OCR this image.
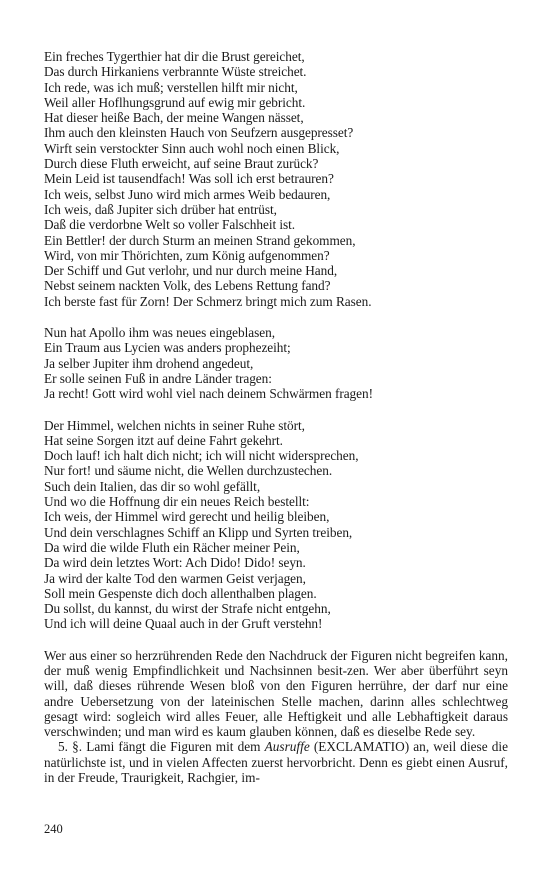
Ein freches Tygerthier hat dir die Brust gereichet,
Das durch Hirkaniens verbrannte Wüste streichet.
Ich rede, was ich muß; verstellen hilft mir nicht,
Weil aller Hoflhungsgrund auf ewig mir gebricht.
Hat dieser heiße Bach, der meine Wangen nässet,
Ihm auch den kleinsten Hauch von Seufzern ausgepresset?
Wirft sein verstockter Sinn auch wohl noch einen Blick,
Durch diese Fluth erweicht, auf seine Braut zurück?
Mein Leid ist tausendfach! Was soll ich erst betrauren?
Ich weis, selbst Juno wird mich armes Weib bedauren,
Ich weis, daß Jupiter sich drüber hat entrüst,
Daß die verdorbne Welt so voller Falschheit ist.
Ein Bettler! der durch Sturm an meinen Strand gekommen,
Wird, von mir Thörichten, zum König aufgenommen?
Der Schiff und Gut verlohr, und nur durch meine Hand,
Nebst seinem nackten Volk, des Lebens Rettung fand?
Ich berste fast für Zorn! Der Schmerz bringt mich zum Rasen.
Nun hat Apollo ihm was neues eingeblasen,
Ein Traum aus Lycien was anders prophezeiht;
Ja selber Jupiter ihm drohend angedeut,
Er solle seinen Fuß in andre Länder tragen:
Ja recht! Gott wird wohl viel nach deinem Schwärmen fragen!
Der Himmel, welchen nichts in seiner Ruhe stört,
Hat seine Sorgen itzt auf deine Fahrt gekehrt.
Doch lauf! ich halt dich nicht; ich will nicht widersprechen,
Nur fort! und säume nicht, die Wellen durchzustechen.
Such dein Italien, das dir so wohl gefällt,
Und wo die Hoffnung dir ein neues Reich bestellt:
Ich weis, der Himmel wird gerecht und heilig bleiben,
Und dein verschlagnes Schiff an Klipp und Syrten treiben,
Da wird die wilde Fluth ein Rächer meiner Pein,
Da wird dein letztes Wort: Ach Dido! Dido! seyn.
Ja wird der kalte Tod den warmen Geist verjagen,
Soll mein Gespenste dich doch allenthalben plagen.
Du sollst, du kannst, du wirst der Strafe nicht entgehn,
Und ich will deine Quaal auch in der Gruft verstehn!

Wer aus einer so herzrührenden Rede den Nachdruck der Figuren nicht begreifen kann, der muß wenig Empfindlichkeit und Nachsinnen besit-zen. Wer aber überführt seyn will, daß dieses rührende Wesen bloß von den Figuren herrühre, der darf nur eine andre Uebersetzung von der lateinischen Stelle machen, darinn alles schlechtweg gesagt wird: sogleich wird alles Feuer, alle Heftigkeit und alle Lebhaftigkeit daraus verschwinden; und man wird es kaum glauben können, daß es dieselbe Rede sey.

5. §. Lami fängt die Figuren mit dem Ausruffe (EXCLAMATIO) an, weil diese die natürlichste ist, und in vielen Affecten zuerst hervorbricht. Denn es giebt einen Ausruf, in der Freude, Traurigkeit, Rachgier, im-

240
